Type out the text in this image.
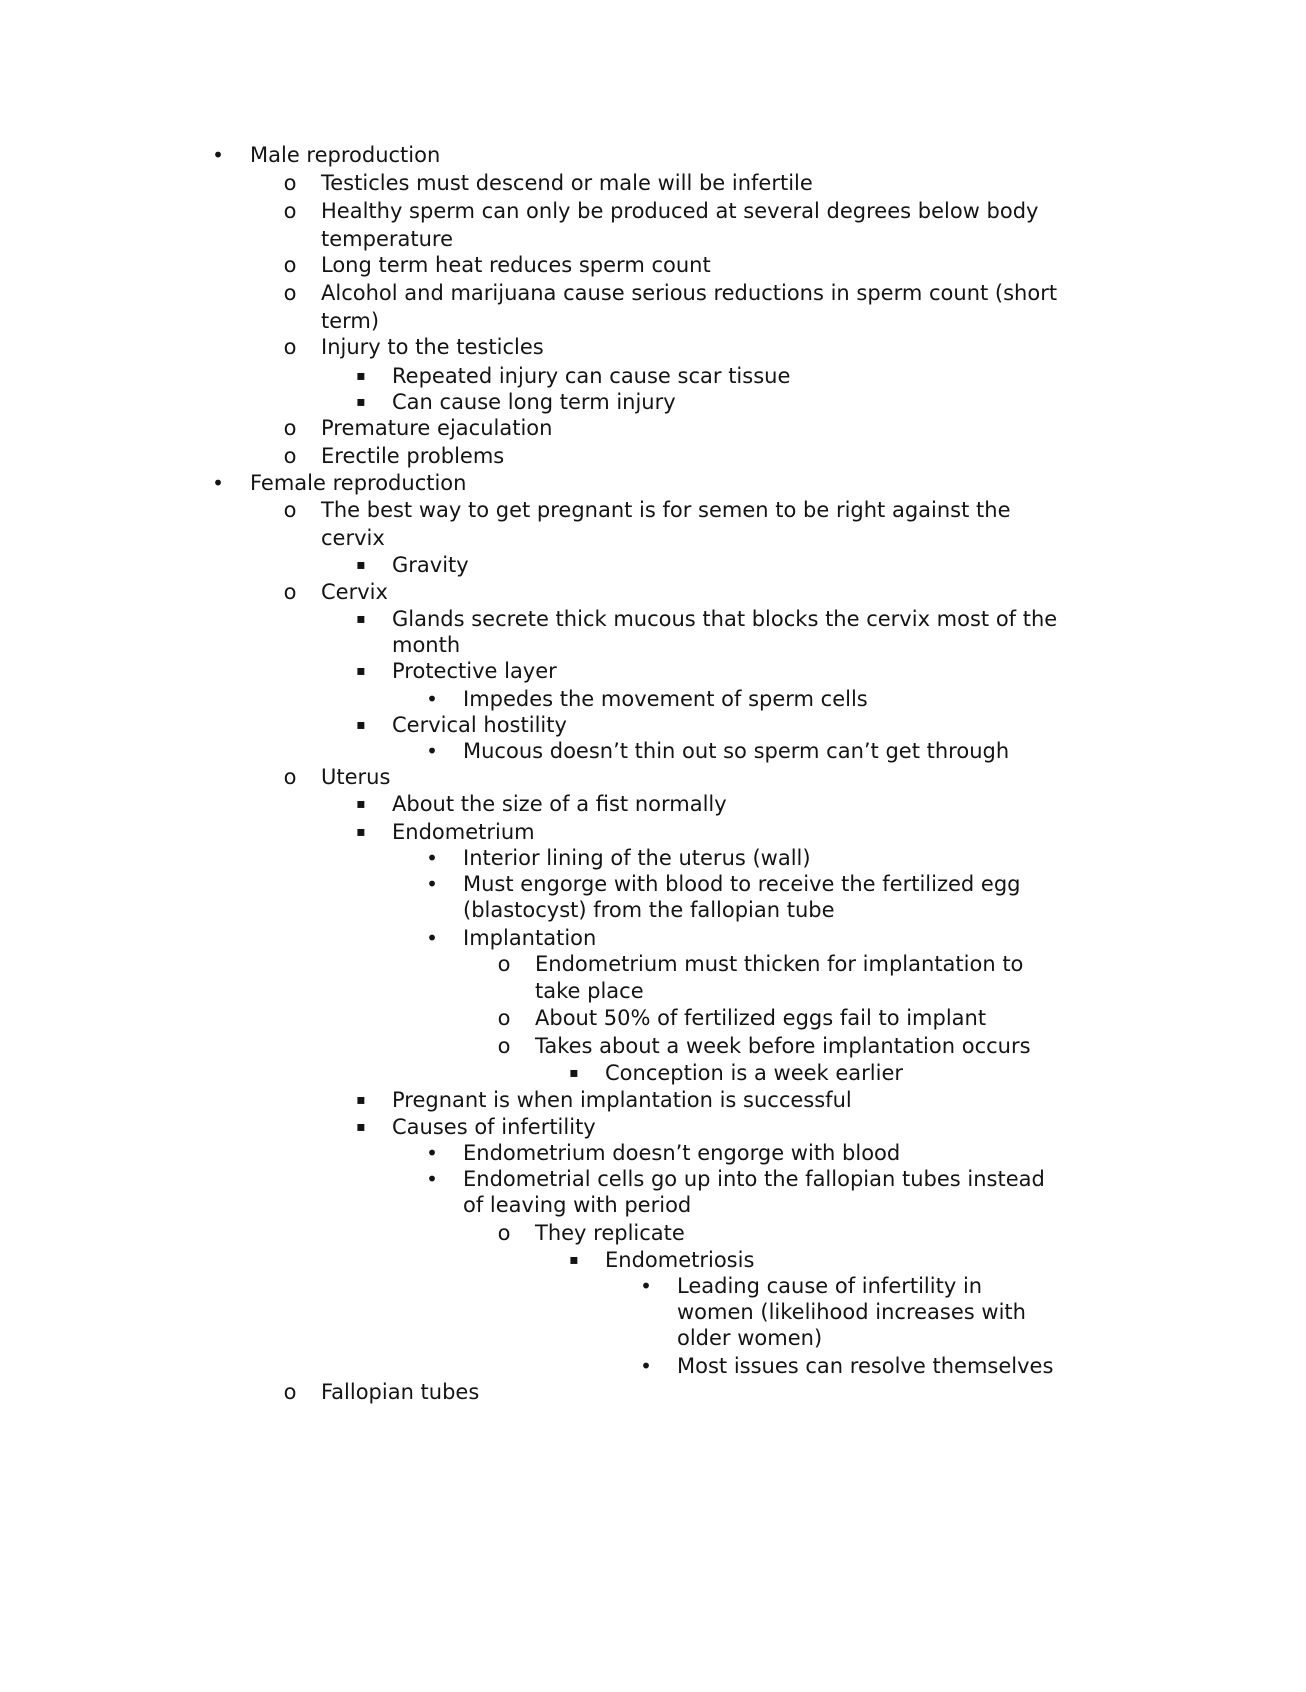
• Male reproduction
o Testicles must descend or male will be infertile
o Healthy sperm can only be produced at several degrees below body
temperature
o Long term heat reduces sperm count
o Alcohol and marijuana cause serious reductions in sperm count (short
term)
o Injury to the testicles
▪	Repeated injury can cause scar tissue
▪	Can cause long term injury
o Premature ejaculation
o Erectile problems
• Female reproduction
o The best way to get pregnant is for semen to be right against the
cervix
▪	Gravity
o Cervix
▪	Glands secrete thick mucous that blocks the cervix most of the
month
▪	Protective layer
• Impedes the movement of sperm cells
▪	Cervical hostility
• Mucous doesn’t thin out so sperm can’t get through
o Uterus
▪	About the size of a fist normally
▪	Endometrium
• Interior lining of the uterus (wall)
• Must engorge with blood to receive the fertilized egg
(blastocyst) from the fallopian tube
• Implantation
o Endometrium must thicken for implantation to
take place
o About 50% of fertilized eggs fail to implant
o Takes about a week before implantation occurs
▪	Conception is a week earlier
▪	Pregnant is when implantation is successful
▪	Causes of infertility
• Endometrium doesn’t engorge with blood
• Endometrial cells go up into the fallopian tubes instead
of leaving with period
o They replicate
▪	Endometriosis
• Leading cause of infertility in
women (likelihood increases with
older women)
• Most issues can resolve themselves
o Fallopian tubes
